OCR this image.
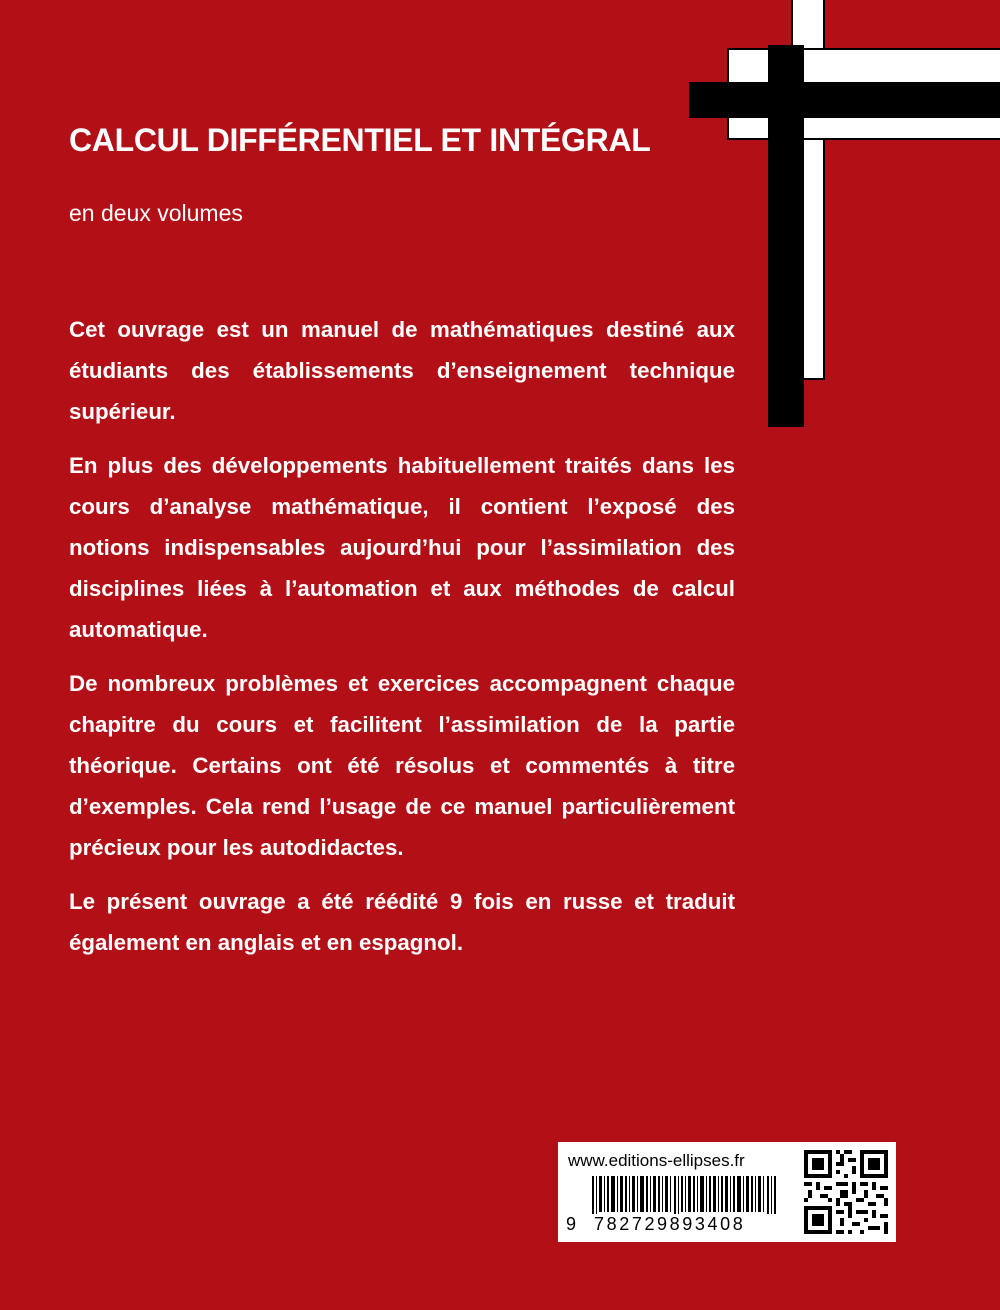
CALCUL DIFFÉRENTIEL ET INTÉGRAL
en deux volumes

Cet ouvrage est un manuel de mathématiques destiné aux étudiants des établissements d’enseignement technique supérieur.

En plus des développements habituellement traités dans les cours d’analyse mathématique, il contient l’exposé des notions indispensables aujourd’hui pour l’assimilation des disciplines liées à l’automation et aux méthodes de calcul automatique.

De nombreux problèmes et exercices accompagnent chaque chapitre du cours et facilitent l’assimilation de la partie théorique. Certains ont été résolus et commentés à titre d’exemples. Cela rend l’usage de ce manuel particulièrement précieux pour les autodidactes.

Le présent ouvrage a été réédité 9 fois en russe et traduit également en anglais et en espagnol.

www.editions-ellipses.fr
9 782729893408
